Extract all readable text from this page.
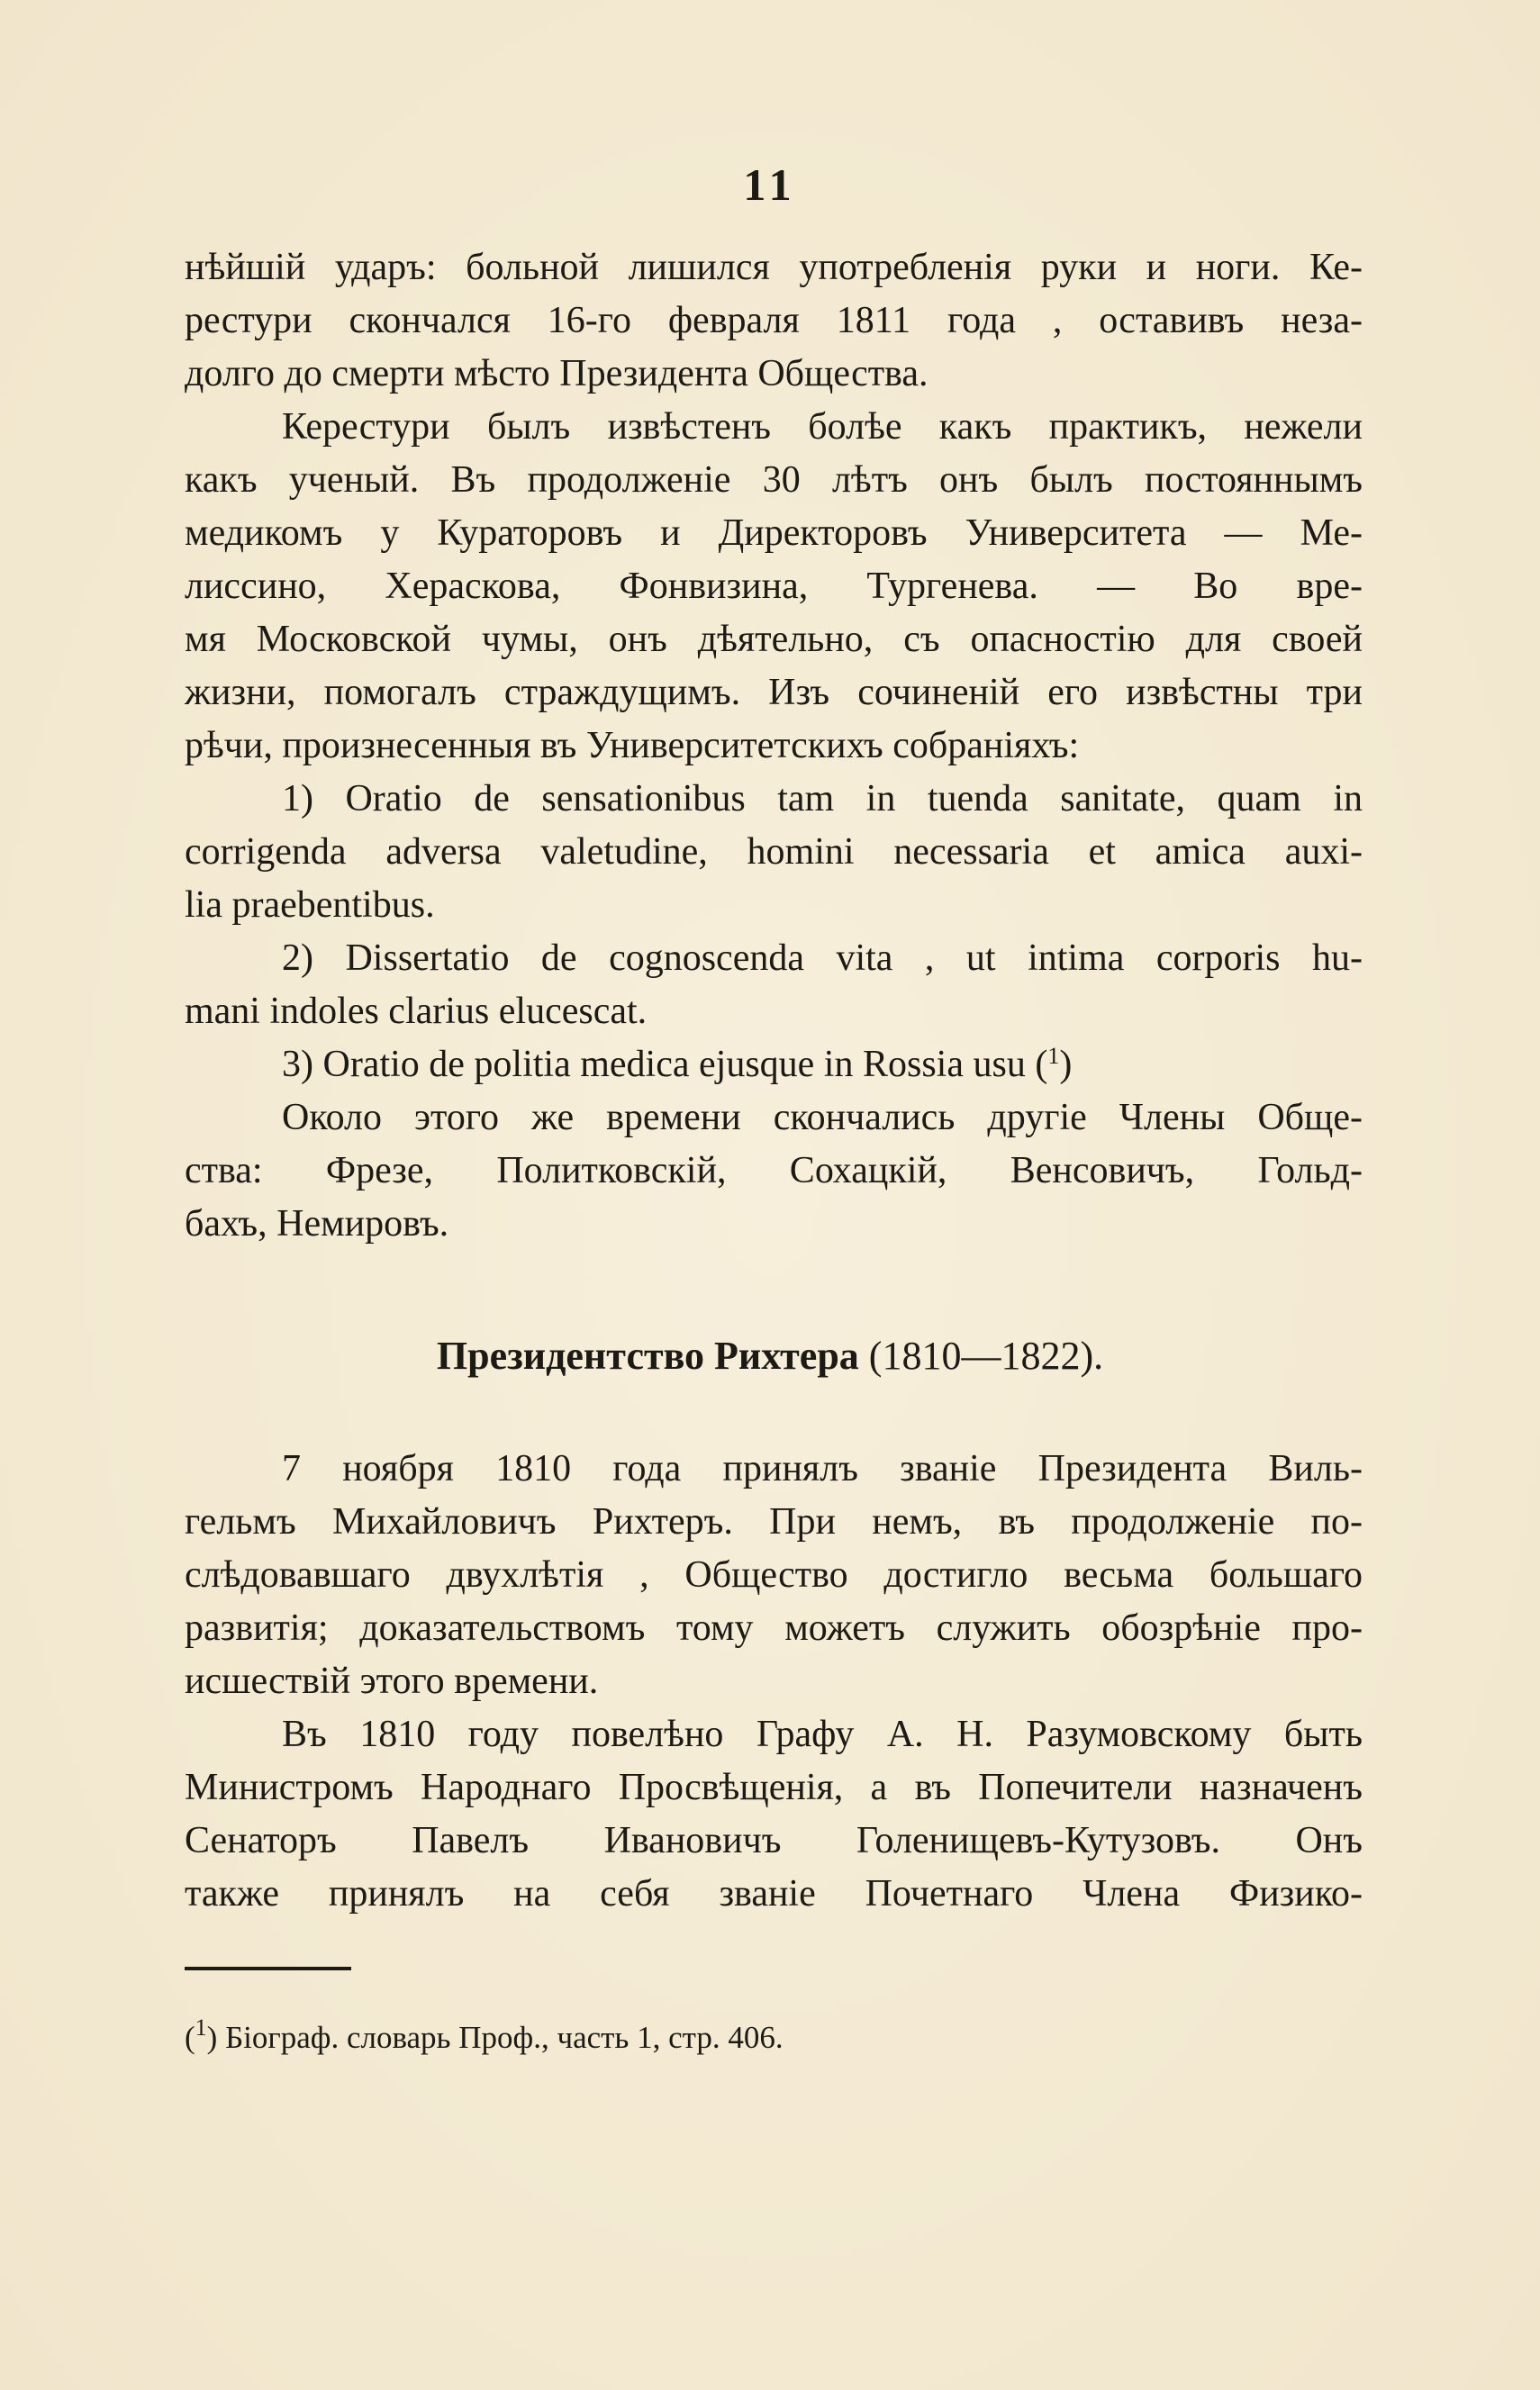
11
нѣйшій ударъ: больной лишился употребленія руки и ноги. Ке-
рестури скончался 16-го февраля 1811 года , оставивъ неза-
долго до смерти мѣсто Президента Общества.
Керестури былъ извѣстенъ болѣе какъ практикъ, нежели
какъ ученый. Въ продолженіе 30 лѣтъ онъ былъ постояннымъ
медикомъ у Кураторовъ и Директоровъ Университета — Ме-
лиссино, Хераскова, Фонвизина, Тургенева. — Во вре-
мя Московской чумы, онъ дѣятельно, съ опасностію для своей
жизни, помогалъ страждущимъ. Изъ сочиненій его извѣстны три
рѣчи, произнесенныя въ Университетскихъ собраніяхъ:
1) Oratio de sensationibus tam in tuenda sanitate, quam in
corrigenda adversa valetudine, homini necessaria et amica auxi-
lia praebentibus.
2) Dissertatio de cognoscenda vita , ut intima corporis hu-
mani indoles clarius elucescat.
3) Oratio de politia medica ejusque in Rossia usu ($^1$)
Около этого же времени скончались другіе Члены Обще-
ства: Фрезе, Политковскій, Сохацкій, Венсовичъ, Гольд-
бахъ, Немировъ.
Президентство Рихтера (1810—1822).
7 ноября 1810 года принялъ званіе Президента Виль-
гельмъ Михайловичъ Рихтеръ. При немъ, въ продолженіе по-
слѣдовавшаго двухлѣтія , Общество достигло весьма большаго
развитія; доказательствомъ тому можетъ служить обозрѣніе про-
исшествій этого времени.
Въ 1810 году повелѣно Графу А. Н. Разумовскому быть
Министромъ Народнаго Просвѣщенія, а въ Попечители назначенъ
Сенаторъ Павелъ Ивановичъ Голенищевъ-Кутузовъ. Онъ
также принялъ на себя званіе Почетнаго Члена Физико-
($^1$) Біограф. словарь Проф., часть 1, стр. 406.
